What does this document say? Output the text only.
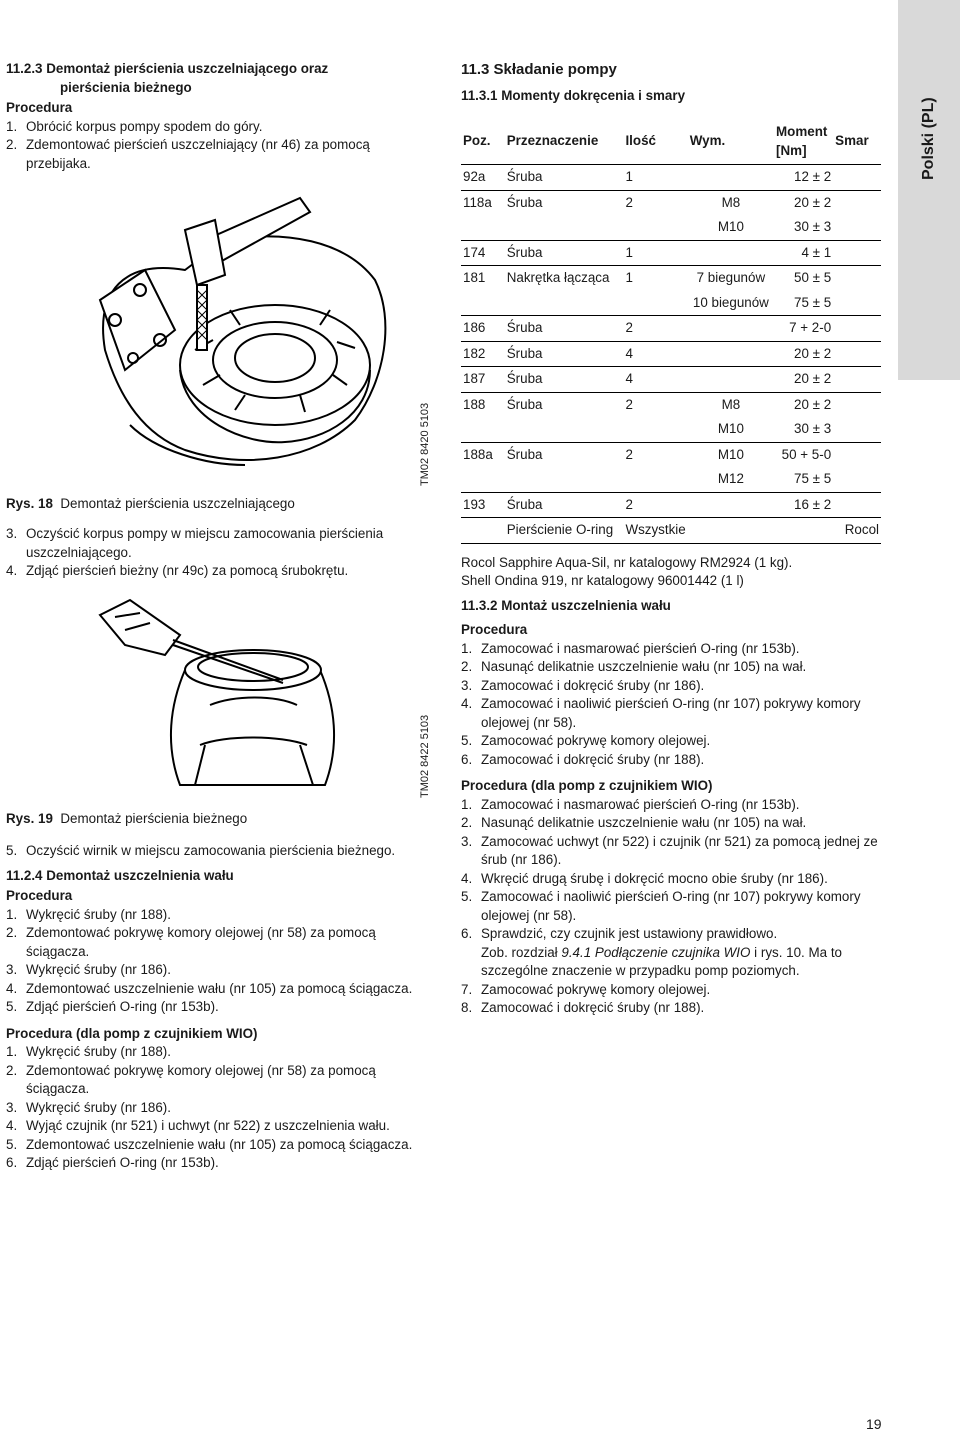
Polski (PL)
11.2.3 Demontaż pierścienia uszczelniającego oraz
pierścienia bieżnego
Procedura
1. Obrócić korpus pompy spodem do góry.
2. Zdemontować pierścień uszczelniający (nr 46) za pomocą przebijaka.
TM02 8420 5103
Rys. 18 Demontaż pierścienia uszczelniającego
3. Oczyścić korpus pompy w miejscu zamocowania pierścienia uszczelniającego.
4. Zdjąć pierścień bieżny (nr 49c) za pomocą śrubokrętu.
TM02 8422 5103
Rys. 19 Demontaż pierścienia bieżnego
5. Oczyścić wirnik w miejscu zamocowania pierścienia bieżnego.
11.2.4 Demontaż uszczelnienia wału
Procedura
1. Wykręcić śruby (nr 188).
2. Zdemontować pokrywę komory olejowej (nr 58) za pomocą ściągacza.
3. Wykręcić śruby (nr 186).
4. Zdemontować uszczelnienie wału (nr 105) za pomocą ściągacza.
5. Zdjąć pierścień O-ring (nr 153b).
Procedura (dla pomp z czujnikiem WIO)
1. Wykręcić śruby (nr 188).
2. Zdemontować pokrywę komory olejowej (nr 58) za pomocą ściągacza.
3. Wykręcić śruby (nr 186).
4. Wyjąć czujnik (nr 521) i uchwyt (nr 522) z uszczelnienia wału.
5. Zdemontować uszczelnienie wału (nr 105) za pomocą ściągacza.
6. Zdjąć pierścień O-ring (nr 153b).
11.3 Składanie pompy
11.3.1 Momenty dokręcenia i smary
Poz.	Przeznaczenie	Ilość	Wym.	Moment [Nm]	Smar
92a	Śruba	1		12 ± 2	
118a	Śruba	2	M8	20 ± 2	
			M10	30 ± 3	
174	Śruba	1		4 ± 1	
181	Nakrętka łącząca	1	7 biegunów	50 ± 5	
			10 biegunów	75 ± 5	
186	Śruba	2		7 + 2-0	
182	Śruba	4		20 ± 2	
187	Śruba	4		20 ± 2	
188	Śruba	2	M8	20 ± 2	
			M10	30 ± 3	
188a	Śruba	2	M10	50 + 5-0	
			M12	75 ± 5	
193	Śruba	2		16 ± 2	
	Pierścienie O-ring	Wszystkie			Rocol
Rocol Sapphire Aqua-Sil, nr katalogowy RM2924 (1 kg).
Shell Ondina 919, nr katalogowy 96001442 (1 l)
11.3.2 Montaż uszczelnienia wału
Procedura
1. Zamocować i nasmarować pierścień O-ring (nr 153b).
2. Nasunąć delikatnie uszczelnienie wału (nr 105) na wał.
3. Zamocować i dokręcić śruby (nr 186).
4. Zamocować i naoliwić pierścień O-ring (nr 107) pokrywy komory olejowej (nr 58).
5. Zamocować pokrywę komory olejowej.
6. Zamocować i dokręcić śruby (nr 188).
Procedura (dla pomp z czujnikiem WIO)
1. Zamocować i nasmarować pierścień O-ring (nr 153b).
2. Nasunąć delikatnie uszczelnienie wału (nr 105) na wał.
3. Zamocować uchwyt (nr 522) i czujnik (nr 521) za pomocą jednej ze śrub (nr 186).
4. Wkręcić drugą śrubę i dokręcić mocno obie śruby (nr 186).
5. Zamocować i naoliwić pierścień O-ring (nr 107) pokrywy komory olejowej (nr 58).
6. Sprawdzić, czy czujnik jest ustawiony prawidłowo.
Zob. rozdział 9.4.1 Podłączenie czujnika WIO i rys. 10. Ma to szczególne znaczenie w przypadku pomp poziomych.
7. Zamocować pokrywę komory olejowej.
8. Zamocować i dokręcić śruby (nr 188).
19
